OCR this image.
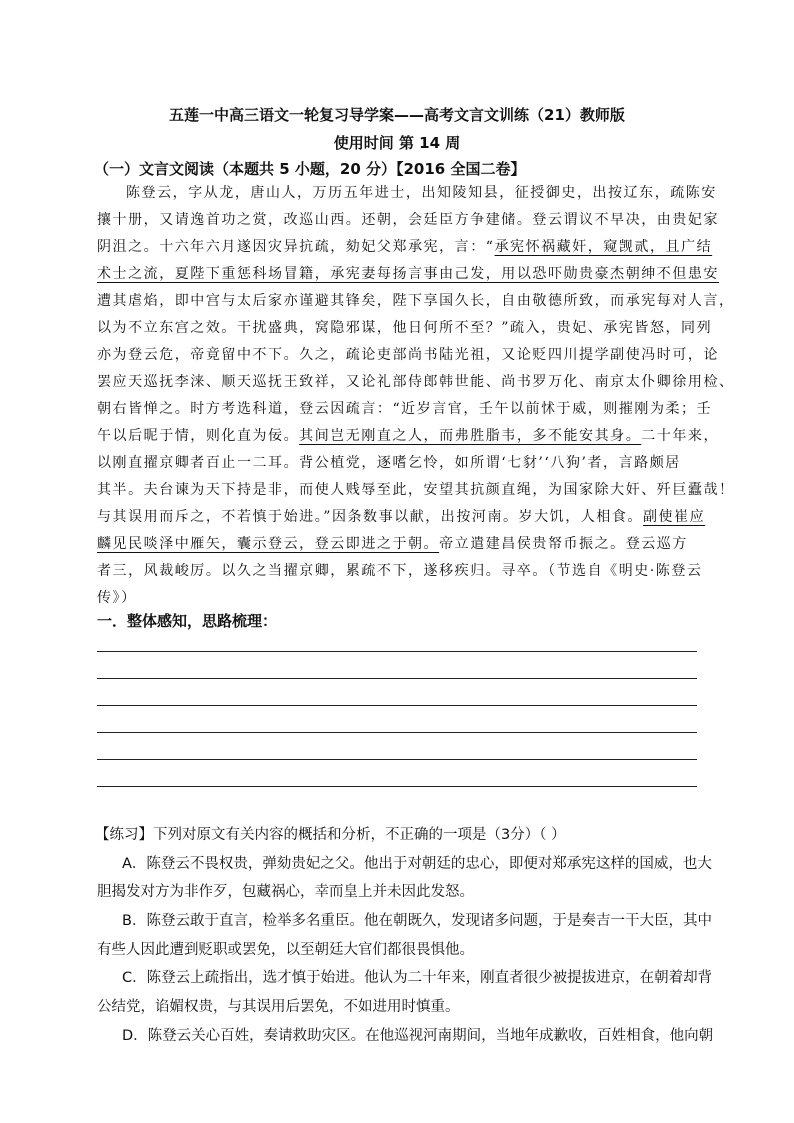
五莲一中高三语文一轮复习导学案——高考文言文训练（21）教师版
使用时间 第 14 周
（一）文言文阅读（本题共 5 小题，20 分）【2016 全国二卷】
陈登云，字从龙，唐山人，万历五年进士，出知陵知县，征授御史，出按辽东，疏陈安
攘十册，又请逸首功之赏，改巡山西。还朝，会廷臣方争建储。登云谓议不早决，由贵妃家
阴沮之。十六年六月遂因灾异抗疏，劾妃父郑承宪，言：“承宪怀祸藏奸，窥觊贰，且广结
术士之流，夏陛下重惩科场冒籍，承宪妻每扬言事由己发，用以恐吓勋贵豪杰朝绅不但患安
遭其虐焰，即中宫与太后家亦谨避其锋矣，陛下享国久长，自由敬德所致，而承宪每对人言，
以为不立东宫之效。干扰盛典，窝隐邪谋，他日何所不至？”疏入，贵妃、承宪皆怒，同列
亦为登云危，帝竟留中不下。久之，疏论吏部尚书陆光祖，又论贬四川提学副使冯时可，论
罢应天巡抚李涞、顺天巡抚王致祥，又论礼部侍郎韩世能、尚书罗万化、南京太仆卿徐用检、
朝右皆惮之。时方考选科道，登云因疏言：“近岁言官，壬午以前怵于威，则摧刚为柔；壬
午以后昵于情，则化直为佞。其间岂无刚直之人，而弗胜脂韦，多不能安其身。二十年来，
以刚直擢京卿者百止一二耳。背公植党，逐嗜乞怜，如所谓‘七豺’‘八狗’者，言路颇居
其半。夫台谏为天下持是非，而使人贱辱至此，安望其抗颜直绳，为国家除大奸、歼巨蠹哉！
与其误用而斥之，不若慎于始进。”因条数事以献，出按河南。岁大饥，人相食。副使崔应
麟见民啖泽中雁矢，囊示登云，登云即进之于朝。帝立遣建昌侯贵帑币振之。登云巡方
者三，风裁峻厉。以久之当擢京卿，累疏不下，遂移疾归。寻卒。（节选自《明史·陈登云
传》）
一．整体感知，思路梳理：
【练习】下列对原文有关内容的概括和分析，不正确的一项是（3分）（ ）
A．陈登云不畏权贵，弹劾贵妃之父。他出于对朝廷的忠心，即便对郑承宪这样的国威，也大
胆揭发对方为非作歹，包藏祸心，幸而皇上并未因此发怒。
B．陈登云敢于直言，检举多名重臣。他在朝既久，发现诸多问题，于是奏吉一干大臣，其中
有些人因此遭到贬职或罢免，以至朝廷大官们都很畏惧他。
C．陈登云上疏指出，选才慎于始进。他认为二十年来，刚直者很少被提拔进京，在朝着却背
公结党，谄媚权贵，与其误用后罢免，不如进用时慎重。
D．陈登云关心百姓，奏请救助灾区。在他巡视河南期间，当地年成歉收，百姓相食，他向朝
